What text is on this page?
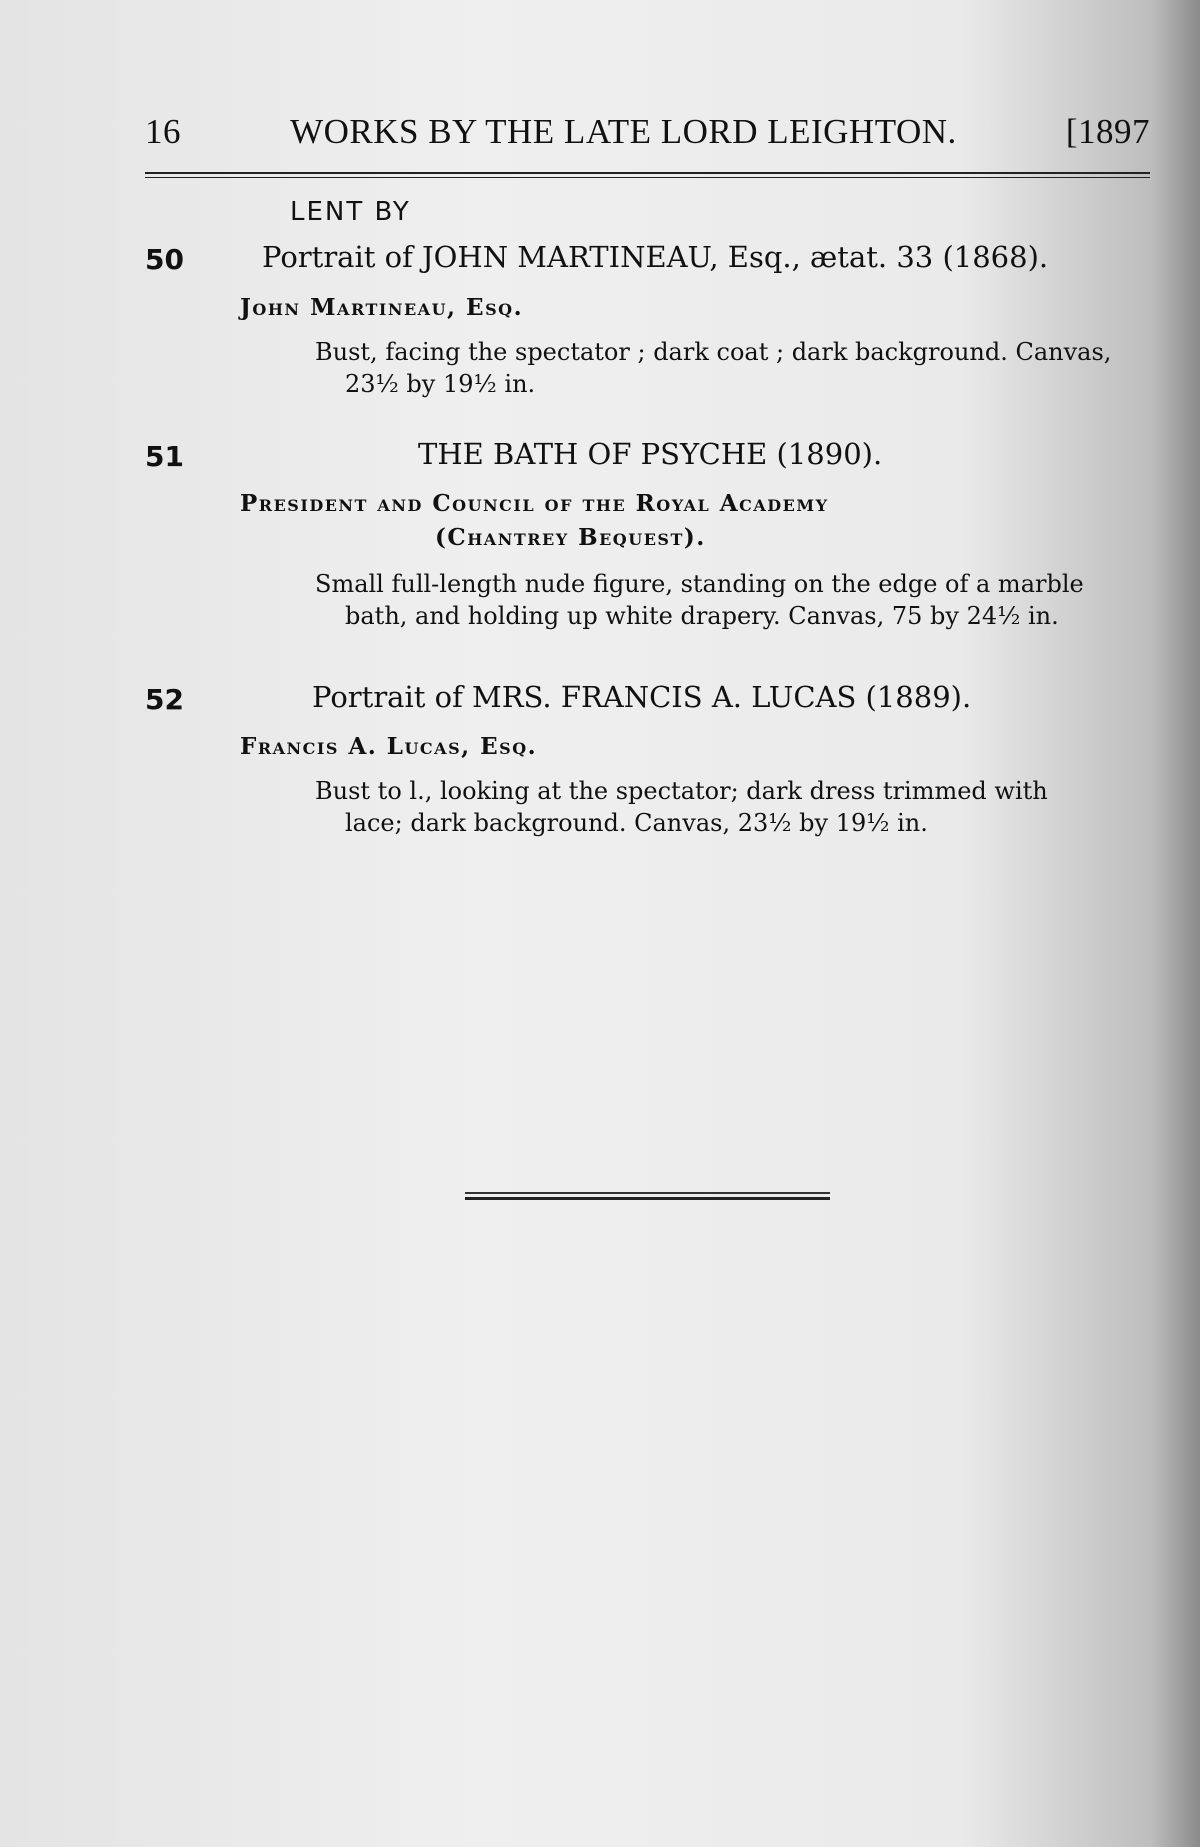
16	WORKS BY THE LATE LORD LEIGHTON.	[1897
LENT BY
50	Portrait of JOHN MARTINEAU, Esq., ætat. 33 (1868).
John Martineau, Esq.
Bust, facing the spectator ; dark coat ; dark background. Canvas,
23½ by 19½ in.
51	THE BATH OF PSYCHE (1890).
President and Council of the Royal Academy
(Chantrey Bequest).
Small full-length nude figure, standing on the edge of a marble
bath, and holding up white drapery. Canvas, 75 by 24½ in.
52	Portrait of MRS. FRANCIS A. LUCAS (1889).
Francis A. Lucas, Esq.
Bust to l., looking at the spectator; dark dress trimmed with
lace; dark background. Canvas, 23½ by 19½ in.
